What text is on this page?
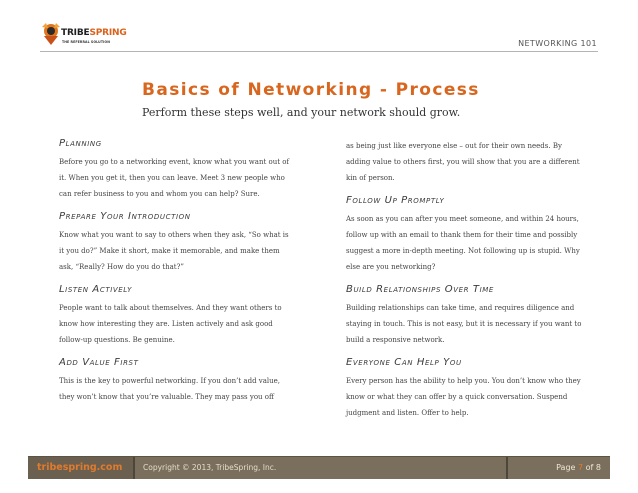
TRIBESPRING
THE REFERRAL SOLUTION	NETWORKING 101
Basics of Networking - Process
Perform these steps well, and your network should grow.
Planning
Before you go to a networking event, know what you want out of it. When you get it, then you can leave. Meet 3 new people who can refer business to you and whom you can help? Sure.
Prepare Your Introduction
Know what you want to say to others when they ask, “So what is it you do?” Make it short, make it memorable, and make them ask, “Really? How do you do that?”
Listen Actively
People want to talk about themselves. And they want others to know how interesting they are. Listen actively and ask good follow-up questions. Be genuine.
Add Value First
This is the key to powerful networking. If you don’t add value, they won’t know that you’re valuable. They may pass you off
as being just like everyone else – out for their own needs. By adding value to others first, you will show that you are a different kin of person.
Follow Up Promptly
As soon as you can after you meet someone, and within 24 hours, follow up with an email to thank them for their time and possibly suggest a more in-depth meeting. Not following up is stupid. Why else are you networking?
Build Relationships Over Time
Building relationships can take time, and requires diligence and staying in touch. This is not easy, but it is necessary if you want to build a responsive network.
Everyone Can Help You
Every person has the ability to help you. You don’t know who they know or what they can offer by a quick conversation. Suspend judgment and listen. Offer to help.
tribespring.com	Copyright © 2013, TribeSpring, Inc.	Page 7 of 8
